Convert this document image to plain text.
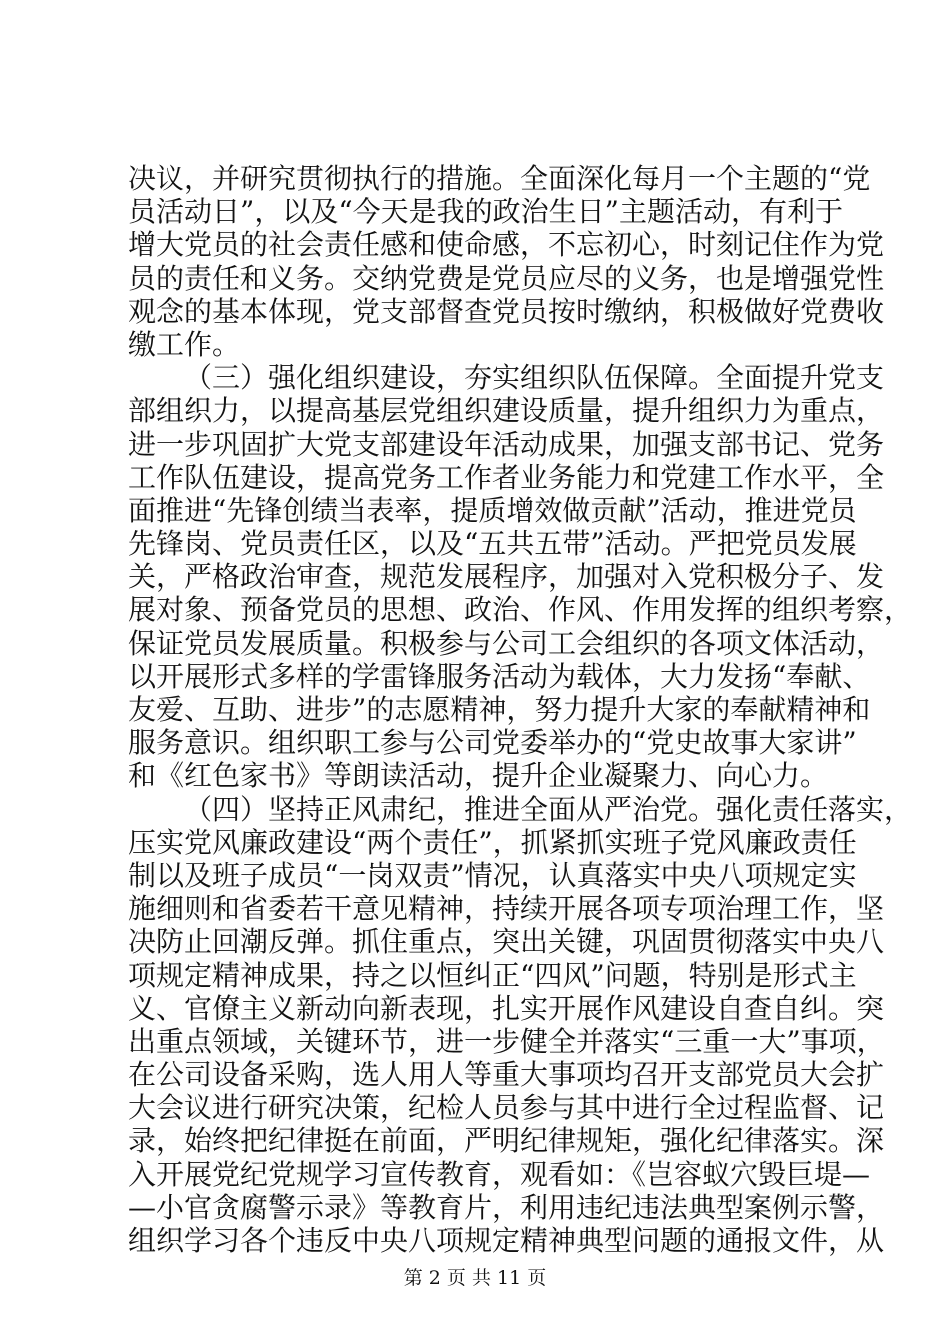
决议，并研究贯彻执行的措施。全面深化每月一个主题的“党
员活动日”，以及“今天是我的政治生日”主题活动，有利于
增大党员的社会责任感和使命感，不忘初心，时刻记住作为党
员的责任和义务。交纳党费是党员应尽的义务，也是增强党性
观念的基本体现，党支部督查党员按时缴纳，积极做好党费收
缴工作。
（三）强化组织建设，夯实组织队伍保障。全面提升党支
部组织力，以提高基层党组织建设质量，提升组织力为重点，
进一步巩固扩大党支部建设年活动成果，加强支部书记、党务
工作队伍建设，提高党务工作者业务能力和党建工作水平，全
面推进“先锋创绩当表率，提质增效做贡献”活动，推进党员
先锋岗、党员责任区，以及“五共五带”活动。严把党员发展
关，严格政治审查，规范发展程序，加强对入党积极分子、发
展对象、预备党员的思想、政治、作风、作用发挥的组织考察，
保证党员发展质量。积极参与公司工会组织的各项文体活动，
以开展形式多样的学雷锋服务活动为载体，大力发扬“奉献、
友爱、互助、进步”的志愿精神，努力提升大家的奉献精神和
服务意识。组织职工参与公司党委举办的“党史故事大家讲”
和《红色家书》等朗读活动，提升企业凝聚力、向心力。
（四）坚持正风肃纪，推进全面从严治党。强化责任落实，
压实党风廉政建设“两个责任”，抓紧抓实班子党风廉政责任
制以及班子成员“一岗双责”情况，认真落实中央八项规定实
施细则和省委若干意见精神，持续开展各项专项治理工作，坚
决防止回潮反弹。抓住重点，突出关键，巩固贯彻落实中央八
项规定精神成果，持之以恒纠正“四风”问题，特别是形式主
义、官僚主义新动向新表现，扎实开展作风建设自查自纠。突
出重点领域，关键环节，进一步健全并落实“三重一大”事项，
在公司设备采购，选人用人等重大事项均召开支部党员大会扩
大会议进行研究决策，纪检人员参与其中进行全过程监督、记
录，始终把纪律挺在前面，严明纪律规矩，强化纪律落实。深
入开展党纪党规学习宣传教育，观看如：《岂容蚁穴毁巨堤—
—小官贪腐警示录》等教育片，利用违纪违法典型案例示警，
组织学习各个违反中央八项规定精神典型问题的通报文件，从
第 2 页 共 11 页
